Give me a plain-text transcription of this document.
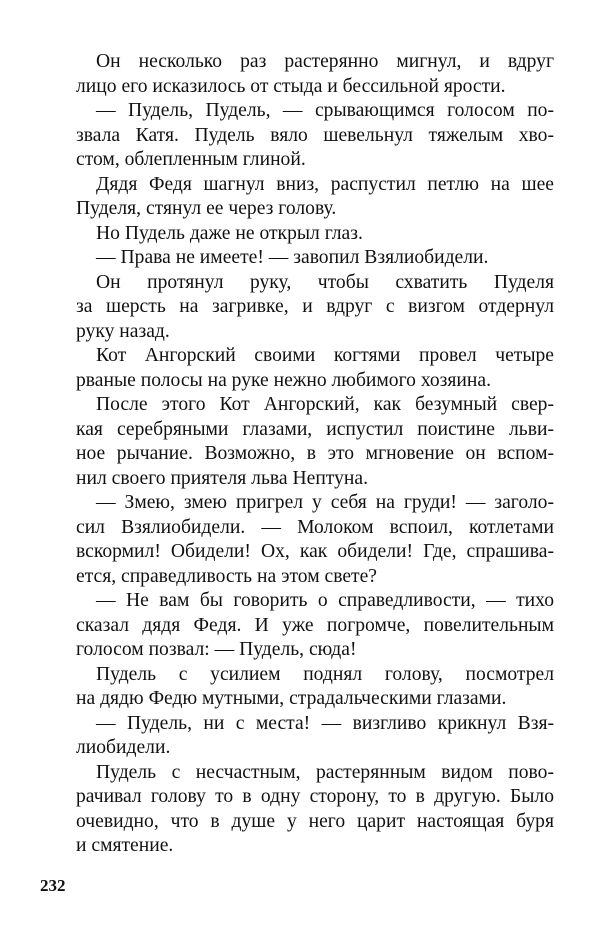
Он несколько раз растерянно мигнул, и вдруг
лицо его исказилось от стыда и бессильной ярости.
— Пудель, Пудель, — срывающимся голосом по-
звала Катя. Пудель вяло шевельнул тяжелым хво-
стом, облепленным глиной.
Дядя Федя шагнул вниз, распустил петлю на шее
Пуделя, стянул ее через голову.
Но Пудель даже не открыл глаз.
— Права не имеете! — завопил Взялиобидели.
Он протянул руку, чтобы схватить Пуделя
за шерсть на загривке, и вдруг с визгом отдернул
руку назад.
Кот Ангорский своими когтями провел четыре
рваные полосы на руке нежно любимого хозяина.
После этого Кот Ангорский, как безумный свер-
кая серебряными глазами, испустил поистине льви-
ное рычание. Возможно, в это мгновение он вспом-
нил своего приятеля льва Нептуна.
— Змею, змею пригрел у себя на груди! — заголо-
сил Взялиобидели. — Молоком вспоил, котлетами
вскормил! Обидели! Ох, как обидели! Где, спрашива-
ется, справедливость на этом свете?
— Не вам бы говорить о справедливости, — тихо
сказал дядя Федя. И уже погромче, повелительным
голосом позвал: — Пудель, сюда!
Пудель с усилием поднял голову, посмотрел
на дядю Федю мутными, страдальческими глазами.
— Пудель, ни с места! — визгливо крикнул Взя-
лиобидели.
Пудель с несчастным, растерянным видом пово-
рачивал голову то в одну сторону, то в другую. Было
очевидно, что в душе у него царит настоящая буря
и смятение.
232
